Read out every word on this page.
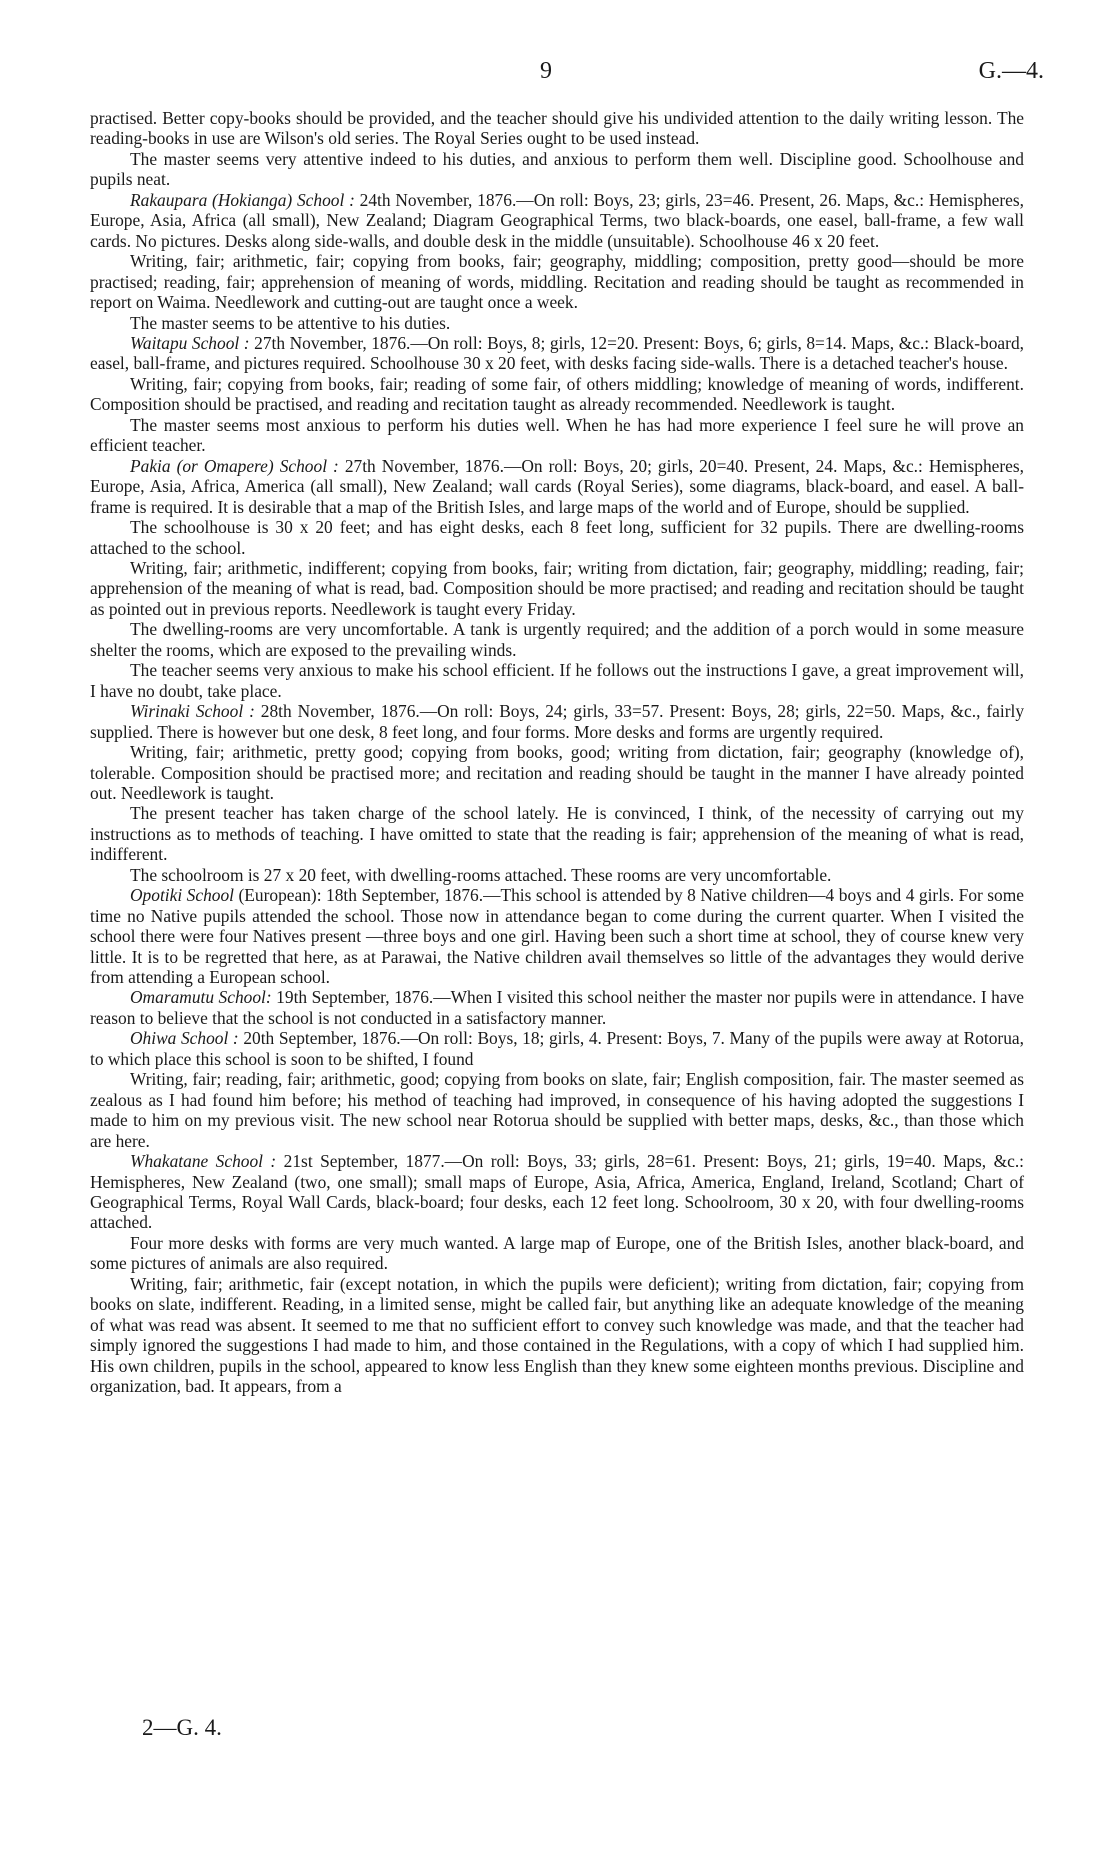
9	G.—4.

practised. Better copy-books should be provided, and the teacher should give his undivided attention to the daily writing lesson. The reading-books in use are Wilson's old series. The Royal Series ought to be used instead.

The master seems very attentive indeed to his duties, and anxious to perform them well. Discipline good. Schoolhouse and pupils neat.

Rakaupara (Hokianga) School : 24th November, 1876.—On roll: Boys, 23; girls, 23=46. Present, 26. Maps, &c.: Hemispheres, Europe, Asia, Africa (all small), New Zealand; Diagram Geographical Terms, two black-boards, one easel, ball-frame, a few wall cards. No pictures. Desks along side-walls, and double desk in the middle (unsuitable). Schoolhouse 46 x 20 feet.

Writing, fair; arithmetic, fair; copying from books, fair; geography, middling; composition, pretty good—should be more practised; reading, fair; apprehension of meaning of words, middling. Recitation and reading should be taught as recommended in report on Waima. Needlework and cutting-out are taught once a week.

The master seems to be attentive to his duties.

Waitapu School : 27th November, 1876.—On roll: Boys, 8; girls, 12=20. Present: Boys, 6; girls, 8=14. Maps, &c.: Black-board, easel, ball-frame, and pictures required. Schoolhouse 30 x 20 feet, with desks facing side-walls. There is a detached teacher's house.

Writing, fair; copying from books, fair; reading of some fair, of others middling; knowledge of meaning of words, indifferent. Composition should be practised, and reading and recitation taught as already recommended. Needlework is taught.

The master seems most anxious to perform his duties well. When he has had more experience I feel sure he will prove an efficient teacher.

Pakia (or Omapere) School : 27th November, 1876.—On roll: Boys, 20; girls, 20=40. Present, 24. Maps, &c.: Hemispheres, Europe, Asia, Africa, America (all small), New Zealand; wall cards (Royal Series), some diagrams, black-board, and easel. A ball-frame is required. It is desirable that a map of the British Isles, and large maps of the world and of Europe, should be supplied.

The schoolhouse is 30 x 20 feet; and has eight desks, each 8 feet long, sufficient for 32 pupils. There are dwelling-rooms attached to the school.

Writing, fair; arithmetic, indifferent; copying from books, fair; writing from dictation, fair; geography, middling; reading, fair; apprehension of the meaning of what is read, bad. Composition should be more practised; and reading and recitation should be taught as pointed out in previous reports. Needlework is taught every Friday.

The dwelling-rooms are very uncomfortable. A tank is urgently required; and the addition of a porch would in some measure shelter the rooms, which are exposed to the prevailing winds.

The teacher seems very anxious to make his school efficient. If he follows out the instructions I gave, a great improvement will, I have no doubt, take place.

Wirinaki School : 28th November, 1876.—On roll: Boys, 24; girls, 33=57. Present: Boys, 28; girls, 22=50. Maps, &c., fairly supplied. There is however but one desk, 8 feet long, and four forms. More desks and forms are urgently required.

Writing, fair; arithmetic, pretty good; copying from books, good; writing from dictation, fair; geography (knowledge of), tolerable. Composition should be practised more; and recitation and reading should be taught in the manner I have already pointed out. Needlework is taught.

The present teacher has taken charge of the school lately. He is convinced, I think, of the necessity of carrying out my instructions as to methods of teaching. I have omitted to state that the reading is fair; apprehension of the meaning of what is read, indifferent.

The schoolroom is 27 x 20 feet, with dwelling-rooms attached. These rooms are very uncomfortable.

Opotiki School (European): 18th September, 1876.—This school is attended by 8 Native children—4 boys and 4 girls. For some time no Native pupils attended the school. Those now in attendance began to come during the current quarter. When I visited the school there were four Natives present —three boys and one girl. Having been such a short time at school, they of course knew very little. It is to be regretted that here, as at Parawai, the Native children avail themselves so little of the advantages they would derive from attending a European school.

Omaramutu School: 19th September, 1876.—When I visited this school neither the master nor pupils were in attendance. I have reason to believe that the school is not conducted in a satisfactory manner.

Ohiwa School : 20th September, 1876.—On roll: Boys, 18; girls, 4. Present: Boys, 7. Many of the pupils were away at Rotorua, to which place this school is soon to be shifted, I found

Writing, fair; reading, fair; arithmetic, good; copying from books on slate, fair; English composition, fair. The master seemed as zealous as I had found him before; his method of teaching had improved, in consequence of his having adopted the suggestions I made to him on my previous visit. The new school near Rotorua should be supplied with better maps, desks, &c., than those which are here.

Whakatane School : 21st September, 1877.—On roll: Boys, 33; girls, 28=61. Present: Boys, 21; girls, 19=40. Maps, &c.: Hemispheres, New Zealand (two, one small); small maps of Europe, Asia, Africa, America, England, Ireland, Scotland; Chart of Geographical Terms, Royal Wall Cards, black-board; four desks, each 12 feet long. Schoolroom, 30 x 20, with four dwelling-rooms attached.

Four more desks with forms are very much wanted. A large map of Europe, one of the British Isles, another black-board, and some pictures of animals are also required.

Writing, fair; arithmetic, fair (except notation, in which the pupils were deficient); writing from dictation, fair; copying from books on slate, indifferent. Reading, in a limited sense, might be called fair, but anything like an adequate knowledge of the meaning of what was read was absent. It seemed to me that no sufficient effort to convey such knowledge was made, and that the teacher had simply ignored the suggestions I had made to him, and those contained in the Regulations, with a copy of which I had supplied him. His own children, pupils in the school, appeared to know less English than they knew some eighteen months previous. Discipline and organization, bad. It appears, from a

2—G. 4.
